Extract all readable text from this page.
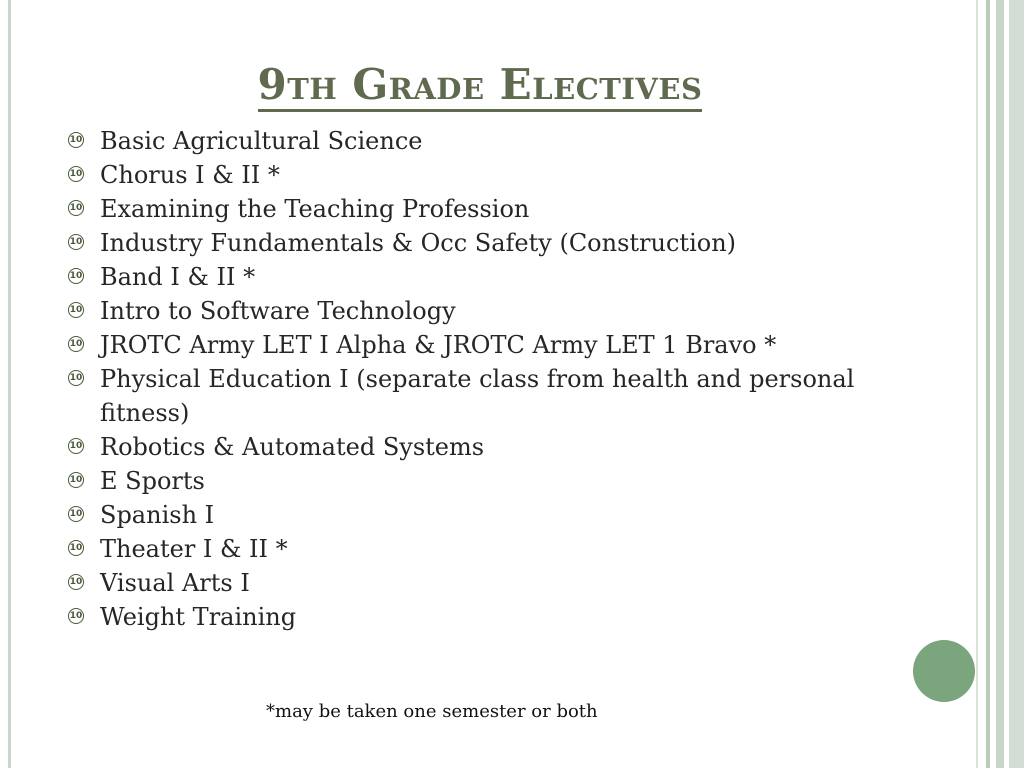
9th Grade Electives
10 Basic Agricultural Science
10 Chorus I & II *
10 Examining the Teaching Profession
10 Industry Fundamentals & Occ Safety (Construction)
10 Band I & II *
10 Intro to Software Technology
10 JROTC Army LET I Alpha & JROTC Army LET 1 Bravo *
10 Physical Education I (separate class from health and personal fitness)
10 Robotics & Automated Systems
10 E Sports
10 Spanish I
10 Theater I & II *
10 Visual Arts I
10 Weight Training
*may be taken one semester or both
